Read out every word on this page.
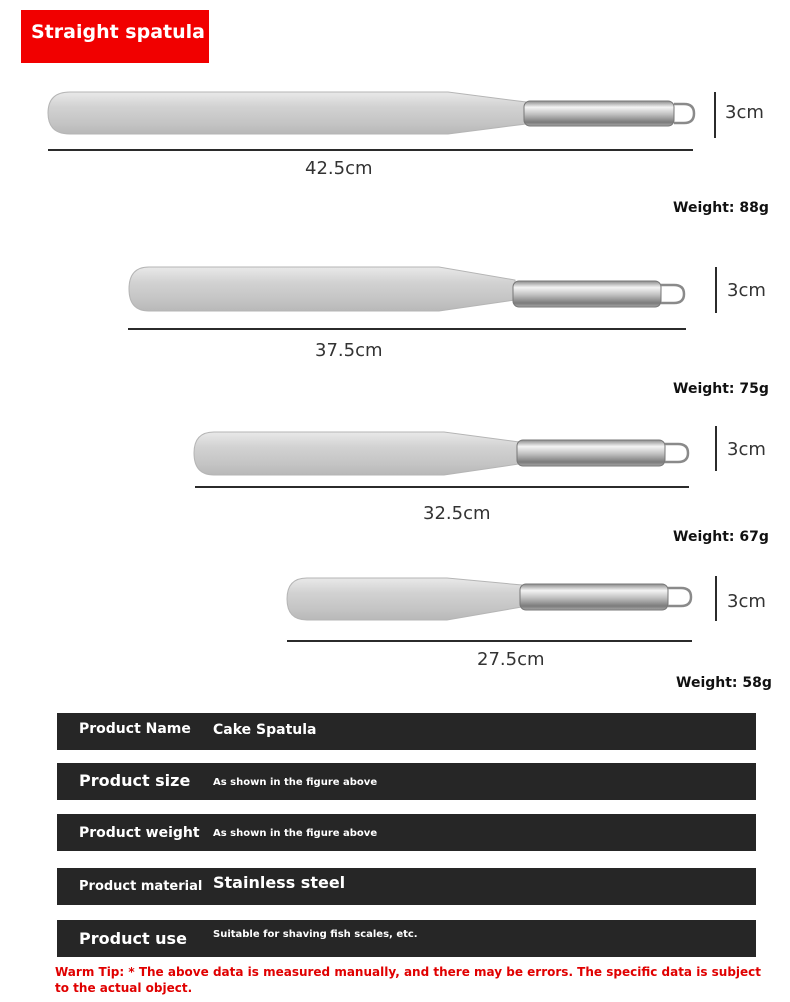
Straight spatula
42.5cm
3cm
Weight: 88g
37.5cm
3cm
Weight: 75g
32.5cm
3cm
Weight: 67g
27.5cm
3cm
Weight: 58g
Product Name Cake Spatula
Product size As shown in the figure above
Product weight As shown in the figure above
Product material Stainless steel
Product use	Suitable for shaving fish scales, etc.
Warm Tip: * The above data is measured manually, and there may be errors. The specific data is subject to the actual object.
